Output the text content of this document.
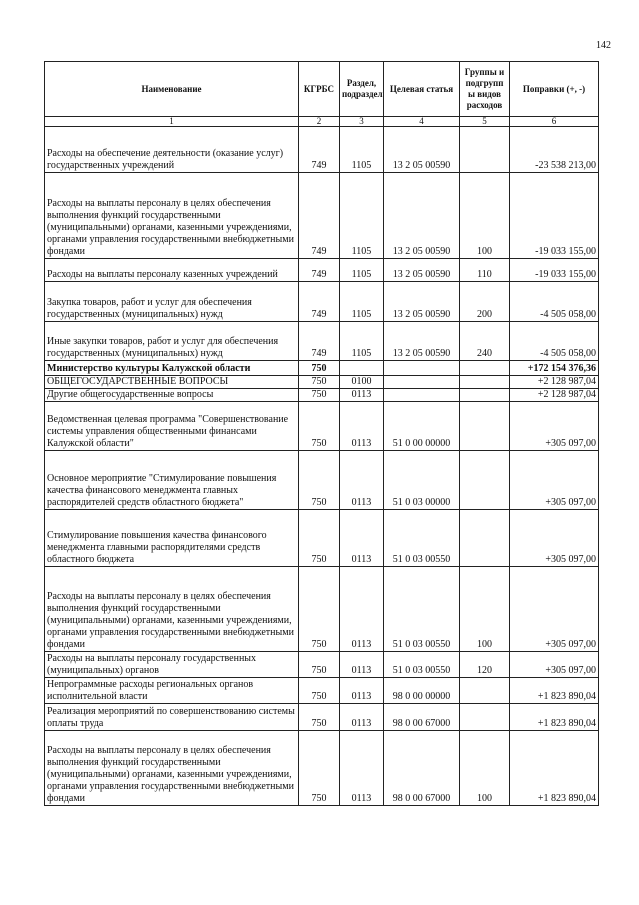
142
Наименование	КГРБС	Раздел, подраздел	Целевая статья	Группы и подгрупп ы видов расходов	Поправки (+, -)
1	2	3	4	5	6
Расходы на обеспечение деятельности (оказание услуг) государственных учреждений	749	1105	13 2 05 00590		-23 538 213,00
Расходы на выплаты персоналу в целях обеспечения выполнения функций государственными (муниципальными) органами, казенными учреждениями, органами управления государственными внебюджетными фондами	749	1105	13 2 05 00590	100	-19 033 155,00
Расходы на выплаты персоналу казенных учреждений	749	1105	13 2 05 00590	110	-19 033 155,00
Закупка товаров, работ и услуг для обеспечения государственных (муниципальных) нужд	749	1105	13 2 05 00590	200	-4 505 058,00
Иные закупки товаров, работ и услуг для обеспечения государственных (муниципальных) нужд	749	1105	13 2 05 00590	240	-4 505 058,00
Министерство культуры Калужской области	750				+172 154 376,36
ОБЩЕГОСУДАРСТВЕННЫЕ ВОПРОСЫ	750	0100			+2 128 987,04
Другие общегосударственные вопросы	750	0113			+2 128 987,04
Ведомственная целевая программа "Совершенствование системы управления общественными финансами Калужской области"	750	0113	51 0 00 00000		+305 097,00
Основное мероприятие "Стимулирование повышения качества финансового менеджмента главных распорядителей средств областного бюджета"	750	0113	51 0 03 00000		+305 097,00
Стимулирование повышения качества финансового менеджмента главными распорядителями средств областного бюджета	750	0113	51 0 03 00550		+305 097,00
Расходы на выплаты персоналу в целях обеспечения выполнения функций государственными (муниципальными) органами, казенными учреждениями, органами управления государственными внебюджетными фондами	750	0113	51 0 03 00550	100	+305 097,00
Расходы на выплаты персоналу государственных (муниципальных) органов	750	0113	51 0 03 00550	120	+305 097,00
Непрограммные расходы региональных органов исполнительной власти	750	0113	98 0 00 00000		+1 823 890,04
Реализация мероприятий по совершенствованию системы оплаты труда	750	0113	98 0 00 67000		+1 823 890,04
Расходы на выплаты персоналу в целях обеспечения выполнения функций государственными (муниципальными) органами, казенными учреждениями, органами управления государственными внебюджетными фондами	750	0113	98 0 00 67000	100	+1 823 890,04
